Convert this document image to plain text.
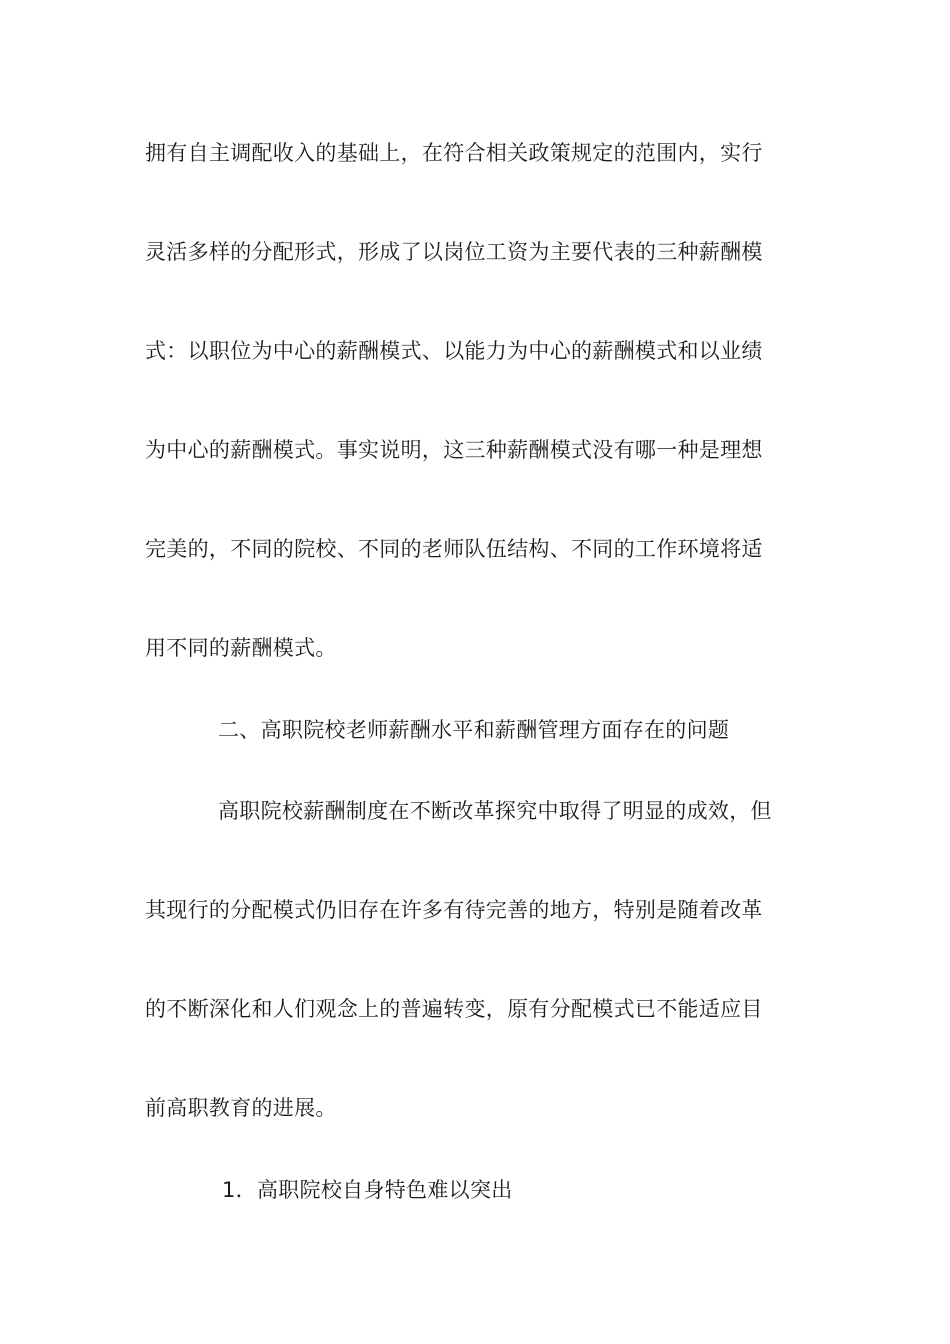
拥有自主调配收入的基础上，在符合相关政策规定的范围内，实行
灵活多样的分配形式，形成了以岗位工资为主要代表的三种薪酬模
式：以职位为中心的薪酬模式、以能力为中心的薪酬模式和以业绩
为中心的薪酬模式。事实说明，这三种薪酬模式没有哪一种是理想
完美的，不同的院校、不同的老师队伍结构、不同的工作环境将适
用不同的薪酬模式。
二、高职院校老师薪酬水平和薪酬管理方面存在的问题
高职院校薪酬制度在不断改革探究中取得了明显的成效，但
其现行的分配模式仍旧存在许多有待完善的地方，特别是随着改革
的不断深化和人们观念上的普遍转变，原有分配模式已不能适应目
前高职教育的进展。
1．高职院校自身特色难以突出
